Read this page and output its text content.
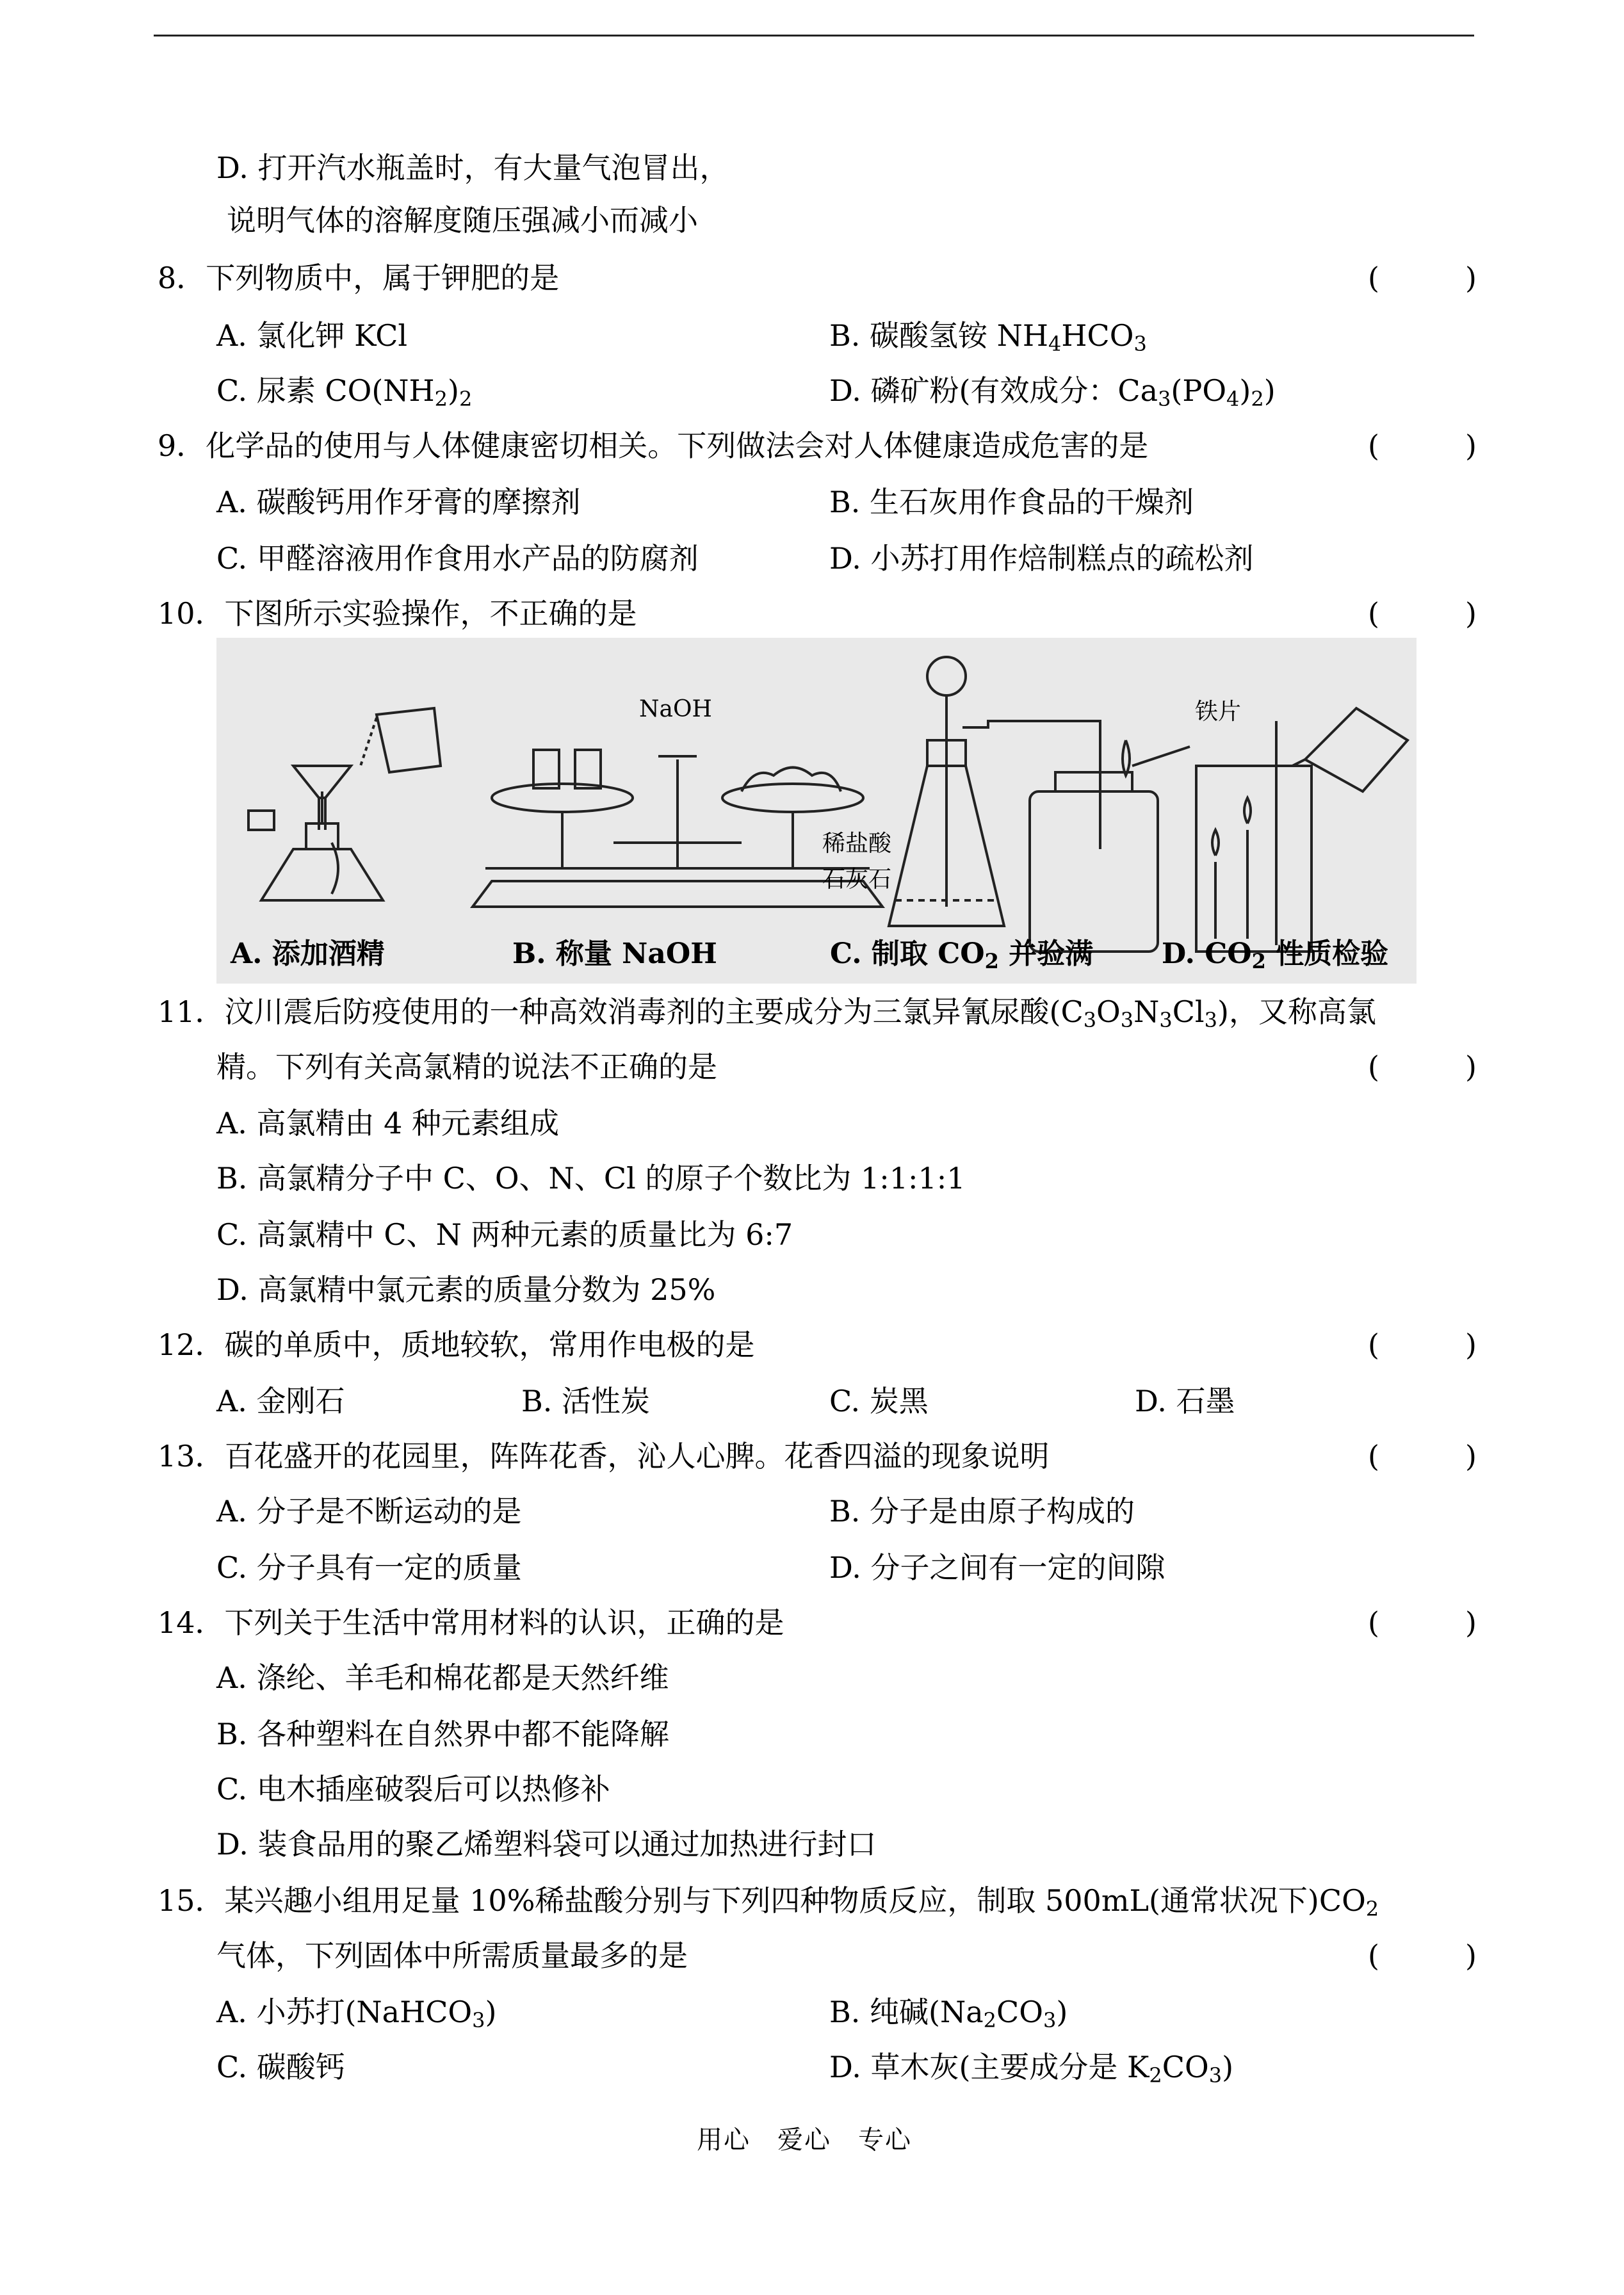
D. 打开汽水瓶盖时，有大量气泡冒出，
说明气体的溶解度随压强减小而减小
8．下列物质中，属于钾肥的是	(	)
A. 氯化钾 KCl	B. 碳酸氢铵 $NH_4HCO_3$
C. 尿素 $CO(NH_2)_2$	D. 磷矿粉(有效成分：$Ca_3(PO_4)_2$)
9．化学品的使用与人体健康密切相关。下列做法会对人体健康造成危害的是	(	)
A. 碳酸钙用作牙膏的摩擦剂	B. 生石灰用作食品的干燥剂
C. 甲醛溶液用作食用水产品的防腐剂	D. 小苏打用作焙制糕点的疏松剂
10．下图所示实验操作，不正确的是	(	)
NaOH
稀盐酸
石灰石
铁片
A. 添加酒精	B. 称量 NaOH	C. 制取 $CO_2$ 并验满 D. $CO_2$ 性质检验
11．汶川震后防疫使用的一种高效消毒剂的主要成分为三氯异氰尿酸$(C_3O_3N_3Cl_3)$，又称高氯
精。下列有关高氯精的说法不正确的是	(	)
A. 高氯精由 4 种元素组成
B. 高氯精分子中 C、O、N、Cl 的原子个数比为 1:1:1:1
C. 高氯精中 C、N 两种元素的质量比为 6:7
D. 高氯精中氯元素的质量分数为 25%
12．碳的单质中，质地较软，常用作电极的是	(	)
A. 金刚石	B. 活性炭	C. 炭黑	D. 石墨
13．百花盛开的花园里，阵阵花香，沁人心脾。花香四溢的现象说明	(	)
A. 分子是不断运动的是	B. 分子是由原子构成的
C. 分子具有一定的质量	D. 分子之间有一定的间隙
14．下列关于生活中常用材料的认识，正确的是	(	)
A. 涤纶、羊毛和棉花都是天然纤维
B. 各种塑料在自然界中都不能降解
C. 电木插座破裂后可以热修补
D. 装食品用的聚乙烯塑料袋可以通过加热进行封口
15．某兴趣小组用足量 10%稀盐酸分别与下列四种物质反应，制取 500mL(通常状况下)$CO_2$
气体，下列固体中所需质量最多的是	(	)
A. 小苏打(NaHCO$_3$)	B. 纯碱$(Na_2CO_3)$
C. 碳酸钙	D. 草木灰(主要成分是 $K_2CO_3$)
用心　爱心　专心
